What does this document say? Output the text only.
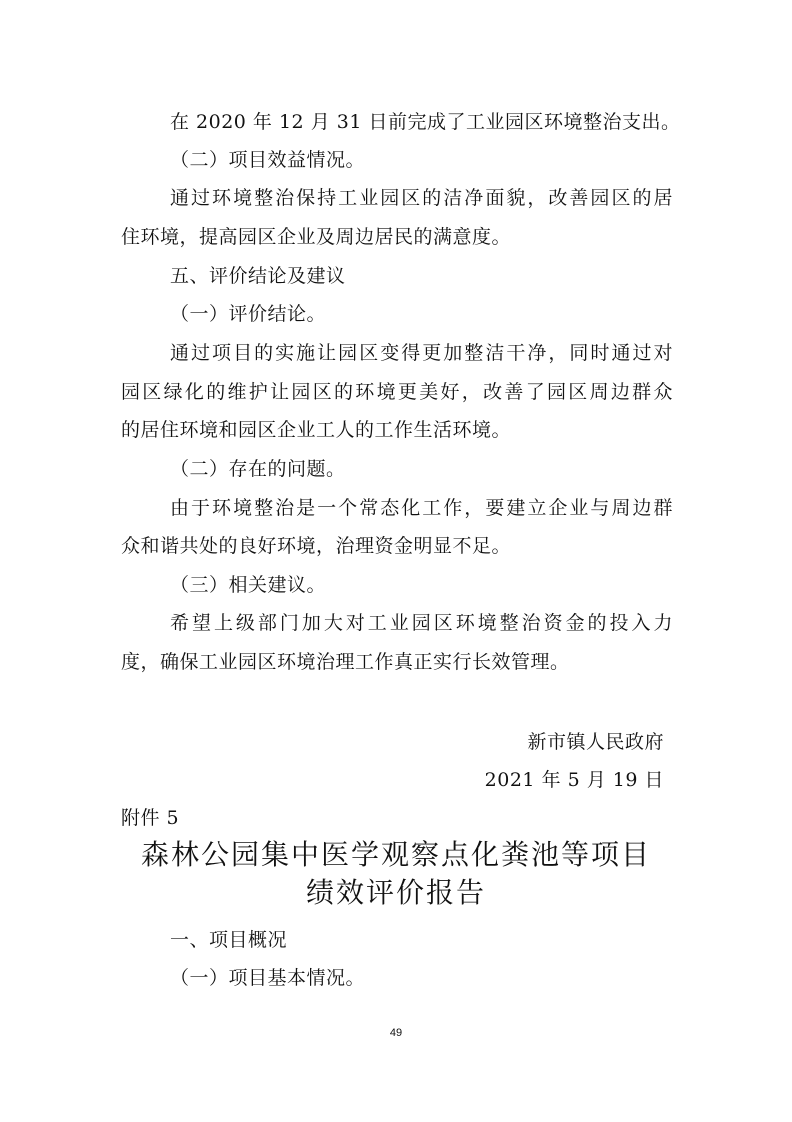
在 2020 年 12 月 31 日前完成了工业园区环境整治支出。
（二）项目效益情况。
通过环境整治保持工业园区的洁净面貌，改善园区的居
住环境，提高园区企业及周边居民的满意度。
五、评价结论及建议
（一）评价结论。
通过项目的实施让园区变得更加整洁干净，同时通过对
园区绿化的维护让园区的环境更美好，改善了园区周边群众
的居住环境和园区企业工人的工作生活环境。
（二）存在的问题。
由于环境整治是一个常态化工作，要建立企业与周边群
众和谐共处的良好环境，治理资金明显不足。
（三）相关建议。
希望上级部门加大对工业园区环境整治资金的投入力
度，确保工业园区环境治理工作真正实行长效管理。
新市镇人民政府
2021 年 5 月 19 日
附件 5
森林公园集中医学观察点化粪池等项目
绩效评价报告
一、项目概况
（一）项目基本情况。
49
